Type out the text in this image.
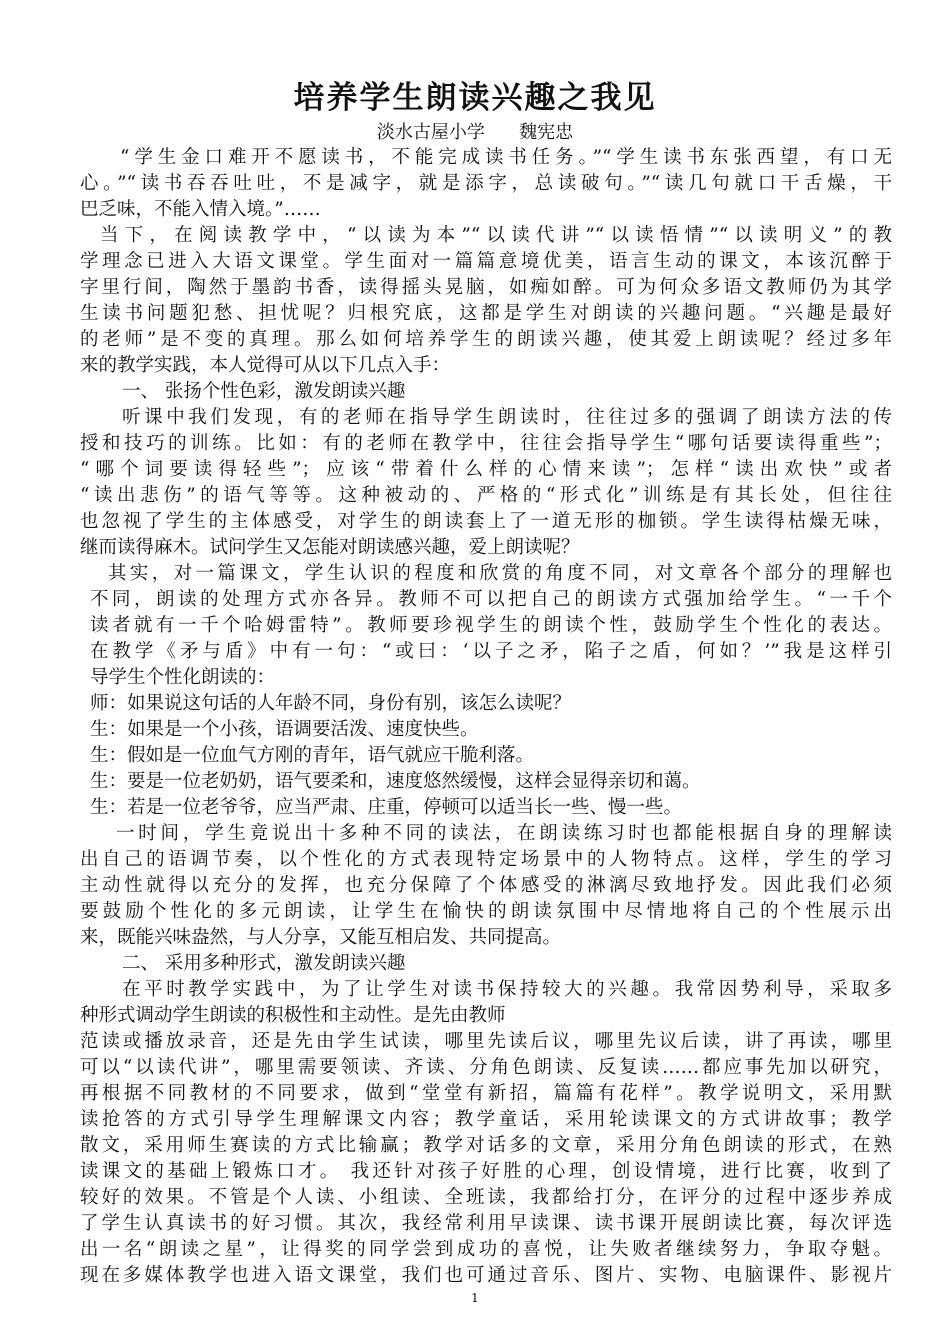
培养学生朗读兴趣之我见
淡水古屋小学      魏宪忠
“学生金口难开不愿读书，不能完成读书任务。”“学生读书东张西望，有口无
心。”“读书吞吞吐吐，不是减字，就是添字，总读破句。”“读几句就口干舌燥，干
巴乏味，不能入情入境。”……
当下，在阅读教学中，“以读为本”“以读代讲”“以读悟情”“以读明义”的教
学理念已进入大语文课堂。学生面对一篇篇意境优美，语言生动的课文，本该沉醉于
字里行间，陶然于墨韵书香，读得摇头晃脑，如痴如醉。可为何众多语文教师仍为其学
生读书问题犯愁、担忧呢？归根究底，这都是学生对朗读的兴趣问题。“兴趣是最好
的老师”是不变的真理。那么如何培养学生的朗读兴趣，使其爱上朗读呢？经过多年
来的教学实践，本人觉得可从以下几点入手：
一、 张扬个性色彩，激发朗读兴趣
听课中我们发现，有的老师在指导学生朗读时，往往过多的强调了朗读方法的传
授和技巧的训练。比如：有的老师在教学中，往往会指导学生“哪句话要读得重些”；
“哪个词要读得轻些”；应该“带着什么样的心情来读”；怎样“读出欢快”或者
“读出悲伤”的语气等等。这种被动的、严格的“形式化”训练是有其长处，但往往
也忽视了学生的主体感受，对学生的朗读套上了一道无形的枷锁。学生读得枯燥无味，
继而读得麻木。试问学生又怎能对朗读感兴趣，爱上朗读呢？
其实，对一篇课文，学生认识的程度和欣赏的角度不同，对文章各个部分的理解也
不同，朗读的处理方式亦各异。教师不可以把自己的朗读方式强加给学生。“一千个
读者就有一千个哈姆雷特”。教师要珍视学生的朗读个性，鼓励学生个性化的表达。
在教学《矛与盾》中有一句：“或曰：‘以子之矛，陷子之盾，何如？’”我是这样引
导学生个性化朗读的：
师：如果说这句话的人年龄不同，身份有别，该怎么读呢？
生：如果是一个小孩，语调要活泼、速度快些。
生：假如是一位血气方刚的青年，语气就应干脆利落。
生：要是一位老奶奶，语气要柔和，速度悠然缓慢，这样会显得亲切和蔼。
生：若是一位老爷爷，应当严肃、庄重，停顿可以适当长一些、慢一些。
一时间，学生竟说出十多种不同的读法，在朗读练习时也都能根据自身的理解读
出自己的语调节奏，以个性化的方式表现特定场景中的人物特点。这样，学生的学习
主动性就得以充分的发挥，也充分保障了个体感受的淋漓尽致地抒发。因此我们必须
要鼓励个性化的多元朗读，让学生在愉快的朗读氛围中尽情地将自己的个性展示出
来，既能兴味盎然，与人分享，又能互相启发、共同提高。
二、 采用多种形式，激发朗读兴趣
在平时教学实践中，为了让学生对读书保持较大的兴趣。我常因势利导，采取多
种形式调动学生朗读的积极性和主动性。是先由教师
范读或播放录音，还是先由学生试读，哪里先读后议，哪里先议后读，讲了再读，哪里
可以“以读代讲”，哪里需要领读、齐读、分角色朗读、反复读……都应事先加以研究，
再根据不同教材的不同要求，做到“堂堂有新招，篇篇有花样”。教学说明文，采用默
读抢答的方式引导学生理解课文内容；教学童话，采用轮读课文的方式讲故事；教学
散文，采用师生赛读的方式比输赢；教学对话多的文章，采用分角色朗读的形式，在熟
读课文的基础上锻炼口才。 我还针对孩子好胜的心理，创设情境，进行比赛，收到了
较好的效果。不管是个人读、小组读、全班读，我都给打分，在评分的过程中逐步养成
了学生认真读书的好习惯。其次，我经常利用早读课、读书课开展朗读比赛，每次评选
出一名“朗读之星”，让得奖的同学尝到成功的喜悦，让失败者继续努力，争取夺魁。
现在多媒体教学也进入语文课堂，我们也可通过音乐、图片、实物、电脑课件、影视片
1
